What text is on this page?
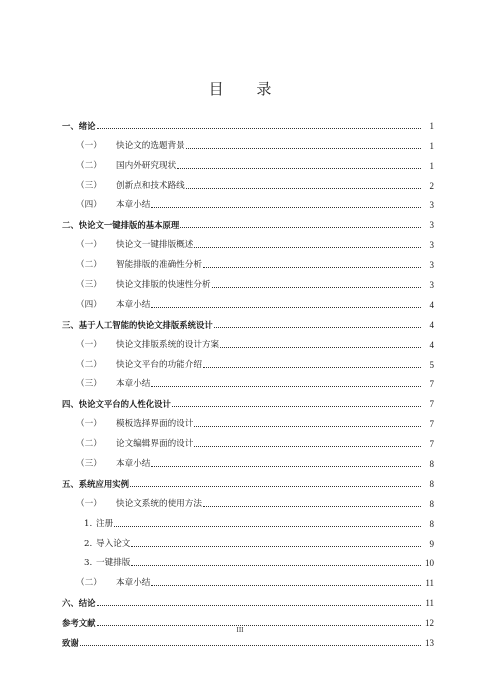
目 录
一、绪论	1
（一）	快论文的选题背景	1
（二）	国内外研究现状	1
（三）	创新点和技术路线	2
（四）	本章小结	3
二、快论文一键排版的基本原理	3
（一）	快论文一键排版概述	3
（二）	智能排版的准确性分析	3
（三）	快论文排版的快速性分析	3
（四）	本章小结	4
三、基于人工智能的快论文排版系统设计	4
（一）	快论文排版系统的设计方案	4
（二）	快论文平台的功能介绍	5
（三）	本章小结	7
四、快论文平台的人性化设计	7
（一）	模板选择界面的设计	7
（二）	论文编辑界面的设计	7
（三）	本章小结	8
五、系统应用实例	8
（一）	快论文系统的使用方法	8
1. 注册	8
2. 导入论文	9
3. 一键排版	10
（二）	本章小结	11
六、结论	11
参考文献	12
致谢	13
III
